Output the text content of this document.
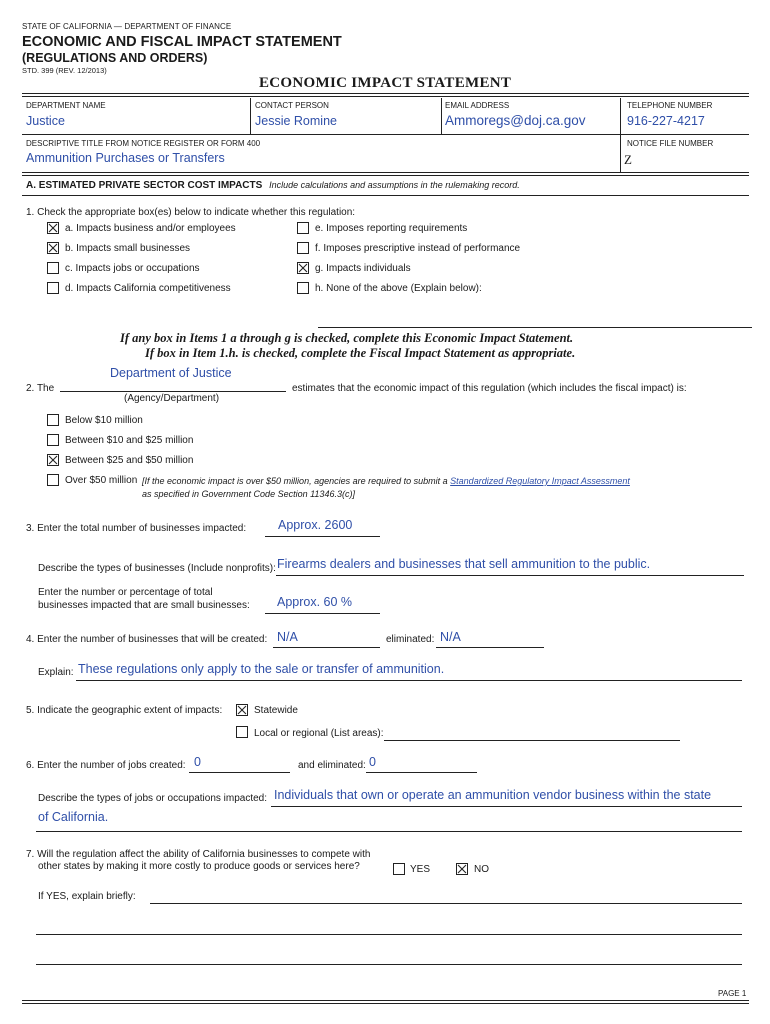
STATE OF CALIFORNIA — DEPARTMENT OF FINANCE
ECONOMIC AND FISCAL IMPACT STATEMENT
(REGULATIONS AND ORDERS)
STD. 399 (REV. 12/2013)
ECONOMIC IMPACT STATEMENT
DEPARTMENT NAME
Justice
CONTACT PERSON
Jessie Romine
EMAIL ADDRESS
Ammoregs@doj.ca.gov
TELEPHONE NUMBER
916-227-4217
DESCRIPTIVE TITLE FROM NOTICE REGISTER OR FORM 400
Ammunition Purchases or Transfers
NOTICE FILE NUMBER
Z
A. ESTIMATED PRIVATE SECTOR COST IMPACTS Include calculations and assumptions in the rulemaking record.
1. Check the appropriate box(es) below to indicate whether this regulation:
a. Impacts business and/or employees
b. Impacts small businesses
c. Impacts jobs or occupations
d. Impacts California competitiveness
e. Imposes reporting requirements
f. Imposes prescriptive instead of performance
g. Impacts individuals
h. None of the above (Explain below):
If any box in Items 1 a through g is checked, complete this Economic Impact Statement.
If box in Item 1.h. is checked, complete the Fiscal Impact Statement as appropriate.
2. The
Department of Justice
(Agency/Department)
estimates that the economic impact of this regulation (which includes the fiscal impact) is:
Below $10 million
Between $10 and $25 million
Between $25 and $50 million
Over $50 million [If the economic impact is over $50 million, agencies are required to submit a Standardized Regulatory Impact Assessment
as specified in Government Code Section 11346.3(c)]
3. Enter the total number of businesses impacted:	Approx. 2600
Describe the types of businesses (Include nonprofits): Firearms dealers and businesses that sell ammunition to the public.
Enter the number or percentage of total
businesses impacted that are small businesses: Approx. 60 %
4. Enter the number of businesses that will be created: N/A	eliminated: N/A
Explain: These regulations only apply to the sale or transfer of ammunition.
5. Indicate the geographic extent of impacts:	Statewide
Local or regional (List areas):
6. Enter the number of jobs created: 0	and eliminated: 0
Describe the types of jobs or occupations impacted: Individuals that own or operate an ammunition vendor business within the state
of California.
7. Will the regulation affect the ability of California businesses to compete with
other states by making it more costly to produce goods or services here?	YES	NO
If YES, explain briefly:
PAGE 1
